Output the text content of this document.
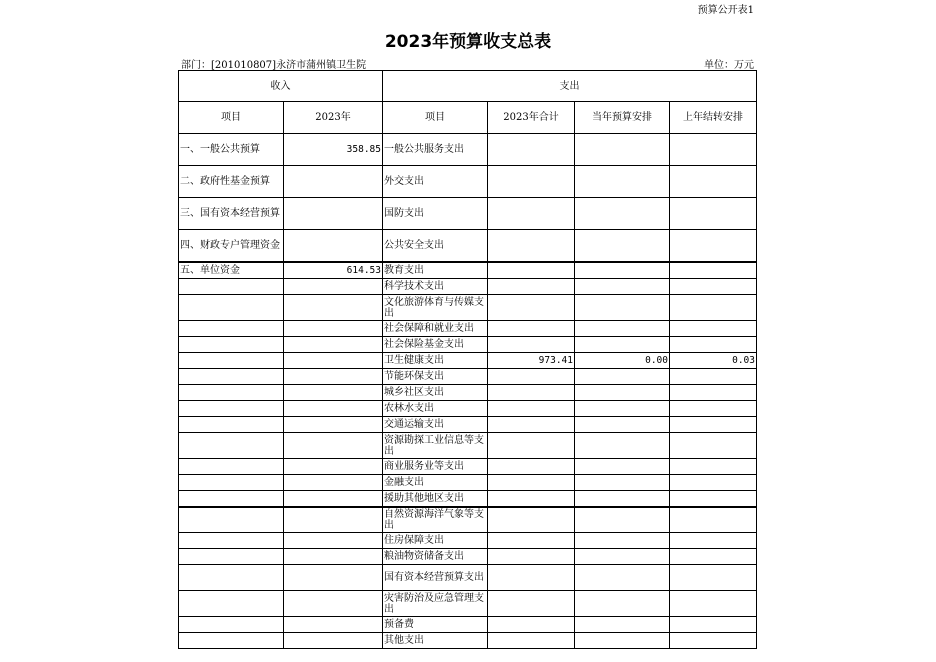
预算公开表1
2023年预算收支总表
部门：[201010807]永济市蒲州镇卫生院	单位：万元
收入		支出			
项目	2023年	项目	2023年合计	当年预算安排	上年结转安排
一、一般公共预算	358.85	一般公共服务支出			
二、政府性基金预算		外交支出			
三、国有资本经营预算		国防支出			
四、财政专户管理资金		公共安全支出			
五、单位资金	614.53	教育支出			
		科学技术支出			
		文化旅游体育与传媒支出			
		社会保障和就业支出			
		社会保险基金支出			
		卫生健康支出	973.41	0.00	0.03
		节能环保支出			
		城乡社区支出			
		农林水支出			
		交通运输支出			
		资源勘探工业信息等支出			
		商业服务业等支出			
		金融支出			
		援助其他地区支出			
		自然资源海洋气象等支出			
		住房保障支出			
		粮油物资储备支出			
		国有资本经营预算支出			
		灾害防治及应急管理支出			
		预备费			
		其他支出			
